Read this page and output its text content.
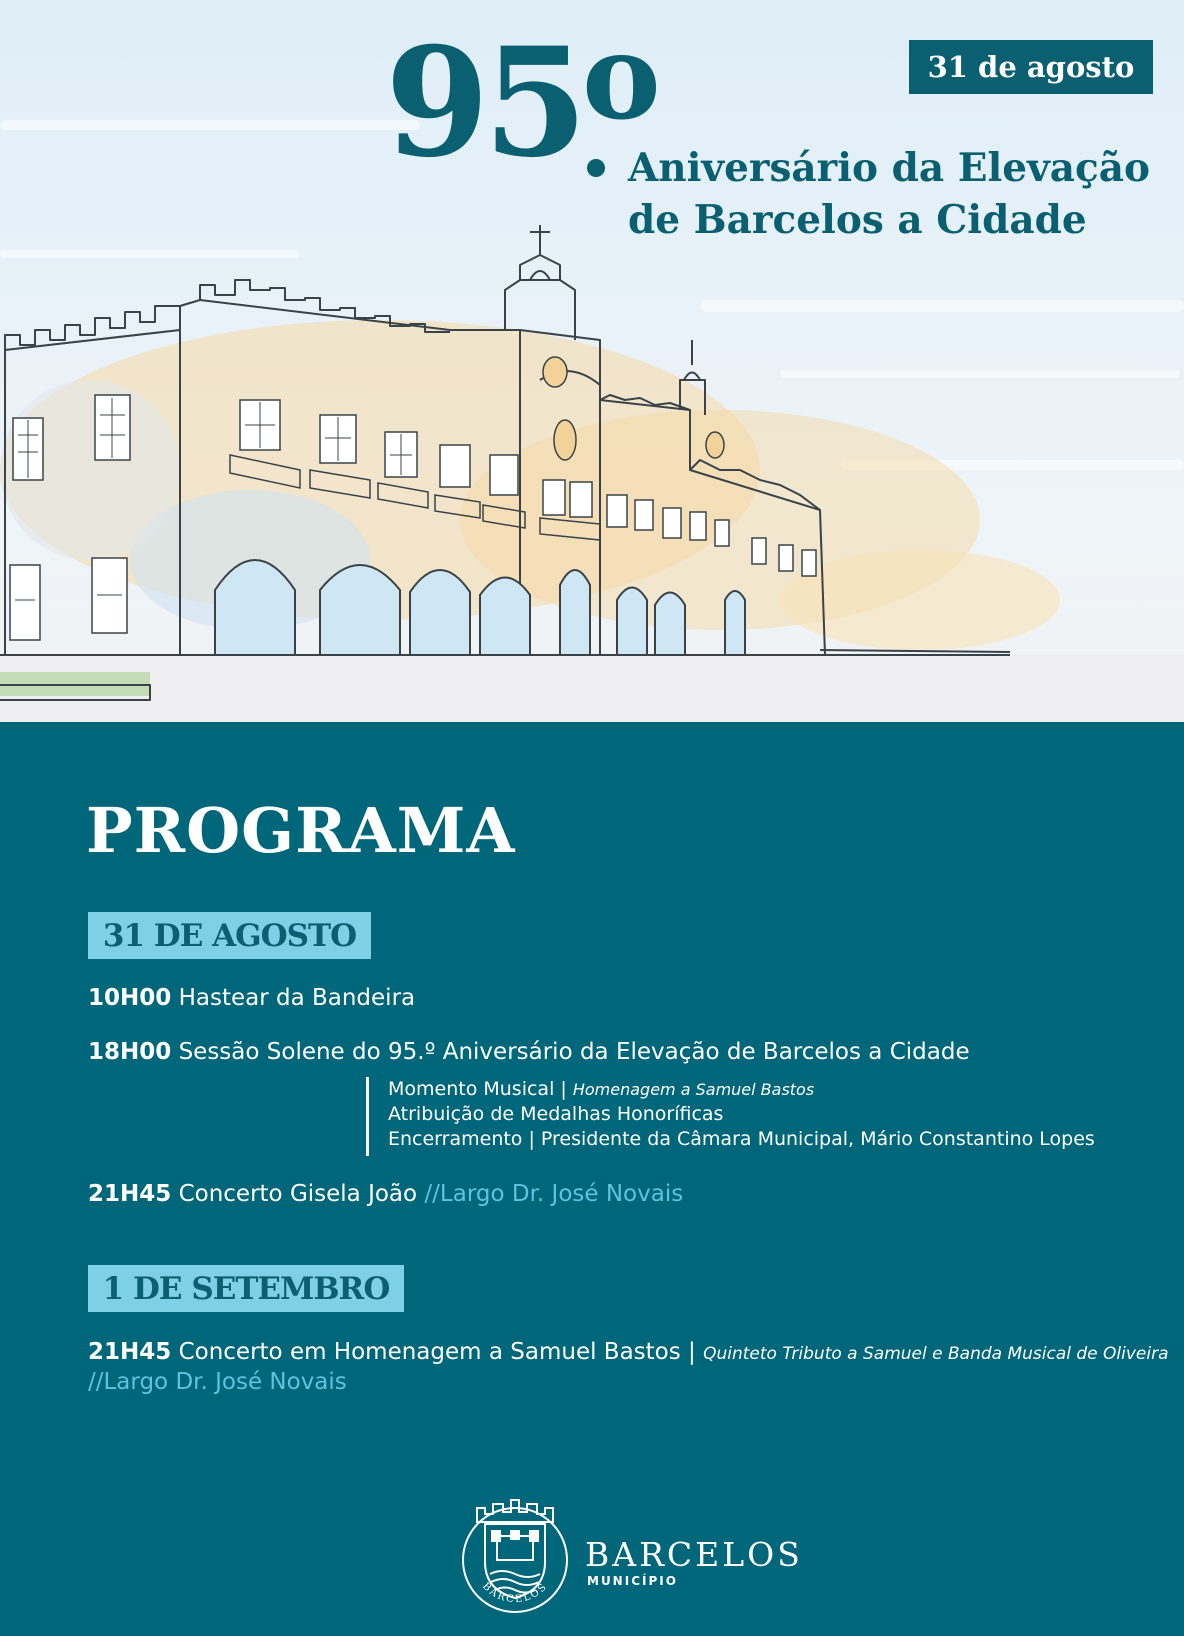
95 o
Aniversário da Elevação
de Barcelos a Cidade
31 de agosto
PROGRAMA
31 DE AGOSTO
10H00 Hastear da Bandeira
18H00 Sessão Solene do 95.º Aniversário da Elevação de Barcelos a Cidade
Momento Musical | Homenagem a Samuel Bastos
Atribuição de Medalhas Honoríficas
Encerramento | Presidente da Câmara Municipal, Mário Constantino Lopes
21H45 Concerto Gisela João //Largo Dr. José Novais
1 DE SETEMBRO
21H45 Concerto em Homenagem a Samuel Bastos | Quinteto Tributo a Samuel e Banda Musical de Oliveira
//Largo Dr. José Novais
BARCELOS
BARCELOS
MUNICÍPIO
